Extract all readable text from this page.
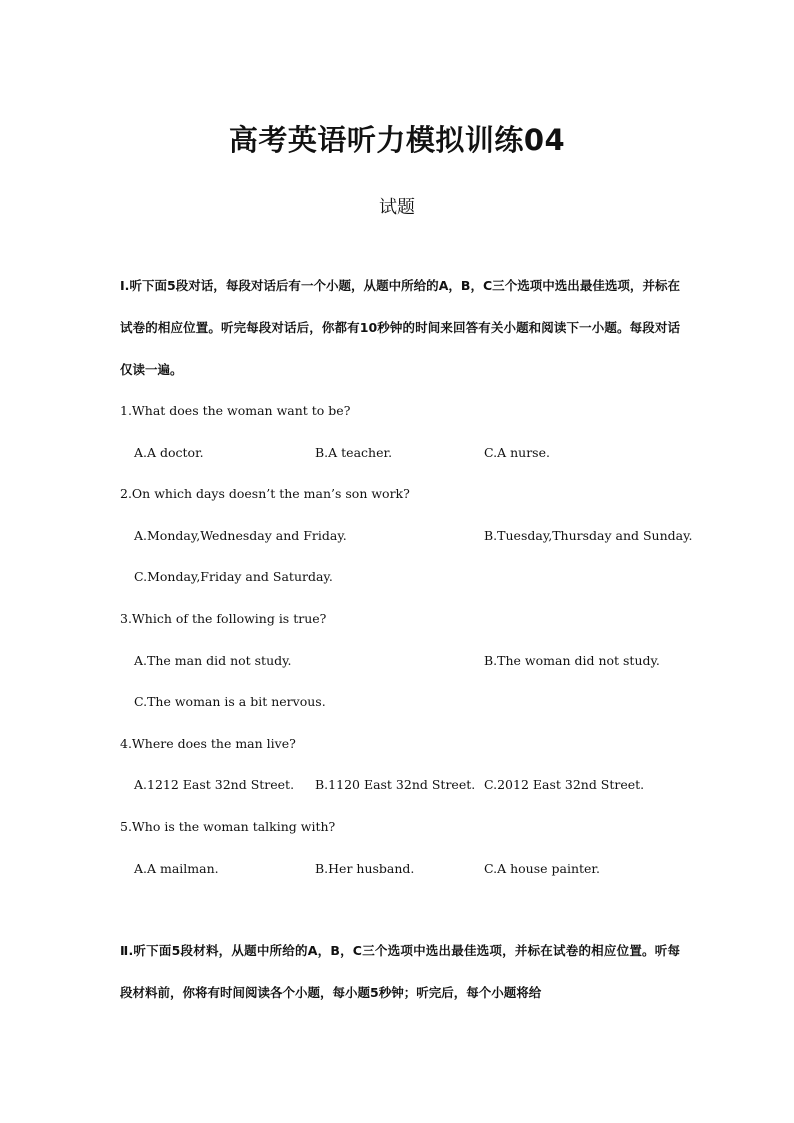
高考英语听力模拟训练04
试题
Ⅰ.听下面5段对话，每段对话后有一个小题，从题中所给的A，B，C三个选项中选出最佳选项，并标在试卷的相应位置。听完每段对话后，你都有10秒钟的时间来回答有关小题和阅读下一小题。每段对话仅读一遍。
1.What does the woman want to be?
A.A doctor.	B.A teacher.	C.A nurse.
2.On which days doesn’t the man’s son work?
A.Monday,Wednesday and Friday.	B.Tuesday,Thursday and Sunday.
C.Monday,Friday and Saturday.
3.Which of the following is true?
A.The man did not study.	B.The woman did not study.
C.The woman is a bit nervous.
4.Where does the man live?
A.1212 East 32nd Street. B.1120 East 32nd Street. C.2012 East 32nd Street.
5.Who is the woman talking with?
A.A mailman.	B.Her husband.	C.A house painter.
Ⅱ.听下面5段材料，从题中所给的A，B，C三个选项中选出最佳选项，并标在试卷的相应位置。听每段材料前，你将有时间阅读各个小题，每小题5秒钟；听完后，每个小题将给
